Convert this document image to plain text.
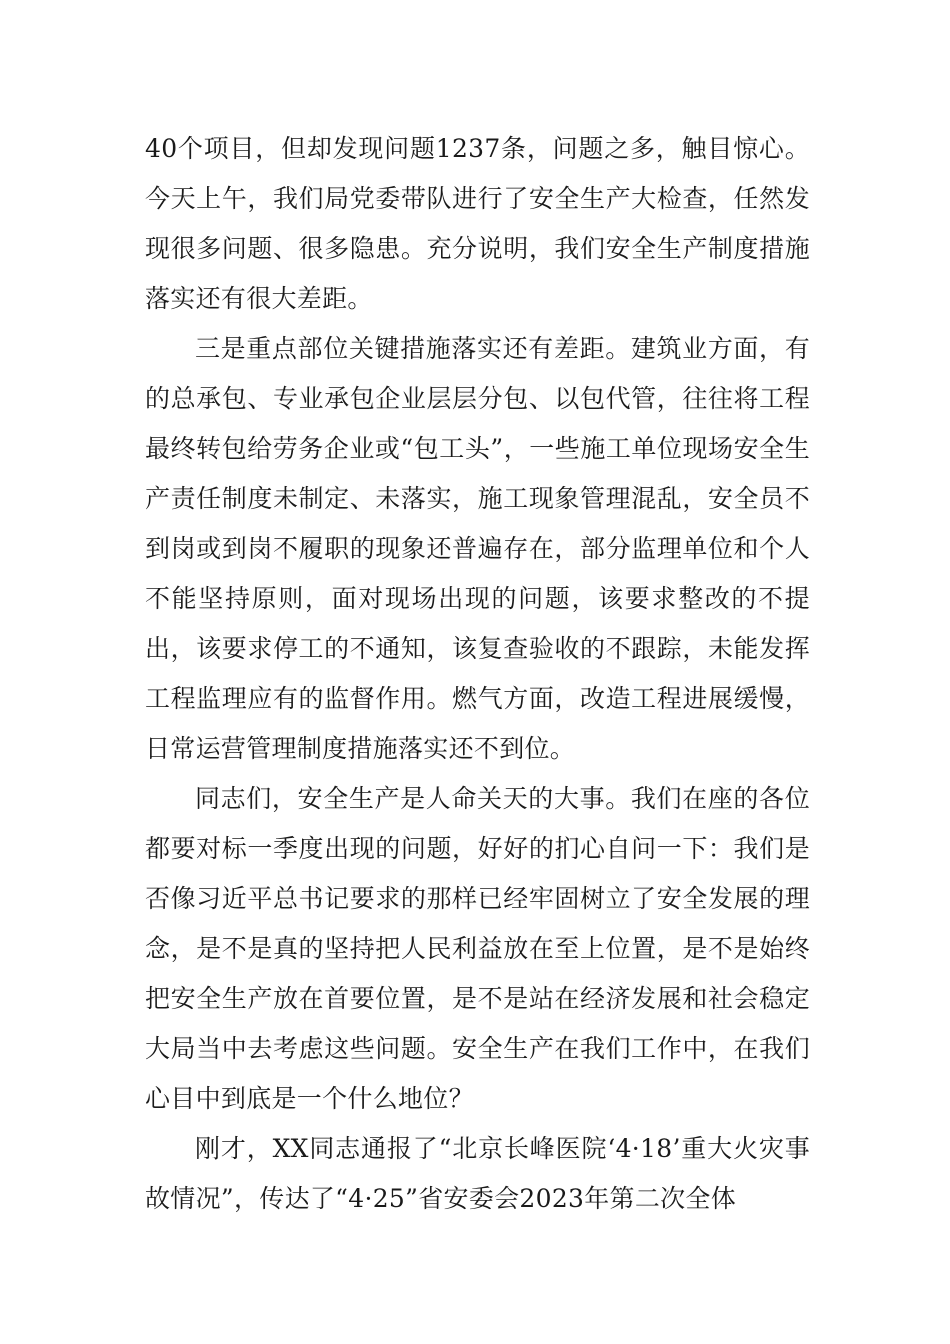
40个项目，但却发现问题1237条，问题之多，触目惊心。今天上午，我们局党委带队进行了安全生产大检查，任然发现很多问题、很多隐患。充分说明，我们安全生产制度措施落实还有很大差距。

三是重点部位关键措施落实还有差距。建筑业方面，有的总承包、专业承包企业层层分包、以包代管，往往将工程最终转包给劳务企业或“包工头”，一些施工单位现场安全生产责任制度未制定、未落实，施工现象管理混乱，安全员不到岗或到岗不履职的现象还普遍存在，部分监理单位和个人不能坚持原则，面对现场出现的问题，该要求整改的不提出，该要求停工的不通知，该复查验收的不跟踪，未能发挥工程监理应有的监督作用。燃气方面，改造工程进展缓慢，日常运营管理制度措施落实还不到位。

同志们，安全生产是人命关天的大事。我们在座的各位都要对标一季度出现的问题，好好的扪心自问一下：我们是否像习近平总书记要求的那样已经牢固树立了安全发展的理念，是不是真的坚持把人民利益放在至上位置，是不是始终把安全生产放在首要位置，是不是站在经济发展和社会稳定大局当中去考虑这些问题。安全生产在我们工作中，在我们心目中到底是一个什么地位？

刚才，XX同志通报了“北京长峰医院‘4·18’重大火灾事故情况”，传达了“4·25”省安委会2023年第二次全体
